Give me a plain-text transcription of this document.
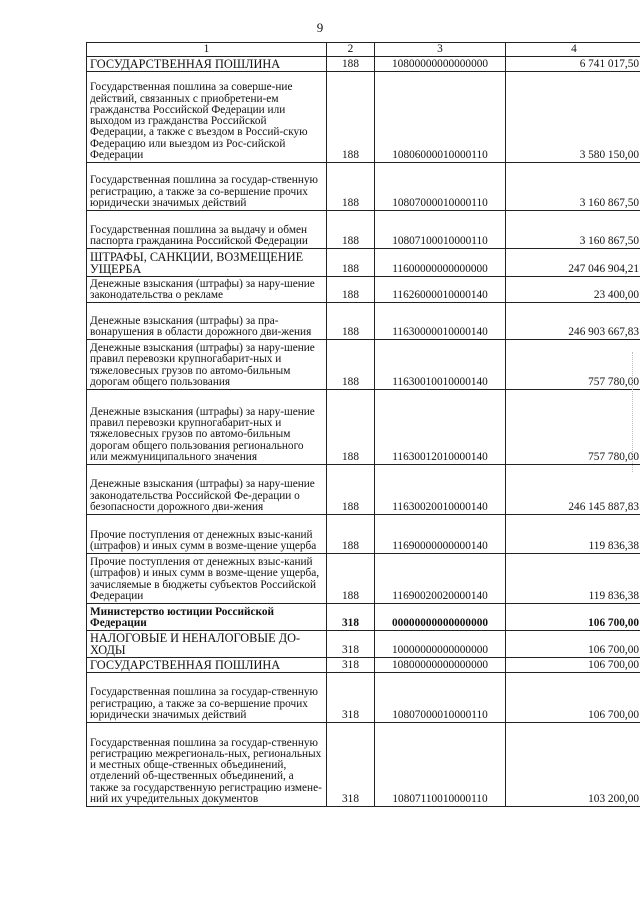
9
1	2	3	4
ГОСУДАРСТВЕННАЯ ПОШЛИНА	188	10800000000000000	6 741 017,50
Государственная пошлина за соверше-ние действий, связанных с приобретени-ем гражданства Российской Федерации или выходом из гражданства Российской Федерации, а также с въездом в Россий-скую Федерацию или выездом из Рос-сийской Федерации	188	10806000010000110	3 580 150,00
Государственная пошлина за государ-ственную регистрацию, а также за со-вершение прочих юридически значимых действий	188	10807000010000110	3 160 867,50
Государственная пошлина за выдачу и обмен паспорта гражданина Российской Федерации	188	10807100010000110	3 160 867,50
ШТРАФЫ, САНКЦИИ, ВОЗМЕЩЕНИЕ УЩЕРБА	188	11600000000000000	247 046 904,21
Денежные взыскания (штрафы) за нару-шение законодательства о рекламе	188	11626000010000140	23 400,00
Денежные взыскания (штрафы) за пра-вонарушения в области дорожного дви-жения	188	11630000010000140	246 903 667,83
Денежные взыскания (штрафы) за нару-шение правил перевозки крупногабарит-ных и тяжеловесных грузов по автомо-бильным дорогам общего пользования	188	11630010010000140	757 780,00
Денежные взыскания (штрафы) за нару-шение правил перевозки крупногабарит-ных и тяжеловесных грузов по автомо-бильным дорогам общего пользования регионального или межмуниципального значения	188	11630012010000140	757 780,00
Денежные взыскания (штрафы) за нару-шение законодательства Российской Фе-дерации о безопасности дорожного дви-жения	188	11630020010000140	246 145 887,83
Прочие поступления от денежных взыс-каний (штрафов) и иных сумм в возме-щение ущерба	188	11690000000000140	119 836,38
Прочие поступления от денежных взыс-каний (штрафов) и иных сумм в возме-щение ущерба, зачисляемые в бюджеты субъектов Российской Федерации	188	11690020020000140	119 836,38
Министерство юстиции Российской Федерации	318	00000000000000000	106 700,00
НАЛОГОВЫЕ И НЕНАЛОГОВЫЕ ДО-ХОДЫ	318	10000000000000000	106 700,00
ГОСУДАРСТВЕННАЯ ПОШЛИНА	318	10800000000000000	106 700,00
Государственная пошлина за государ-ственную регистрацию, а также за со-вершение прочих юридически значимых действий	318	10807000010000110	106 700,00
Государственная пошлина за государ-ственную регистрацию межрегиональ-ных, региональных и местных обще-ственных объединений, отделений об-щественных объединений, а также за государственную регистрацию измене-ний их учредительных документов	318	10807110010000110	103 200,00
